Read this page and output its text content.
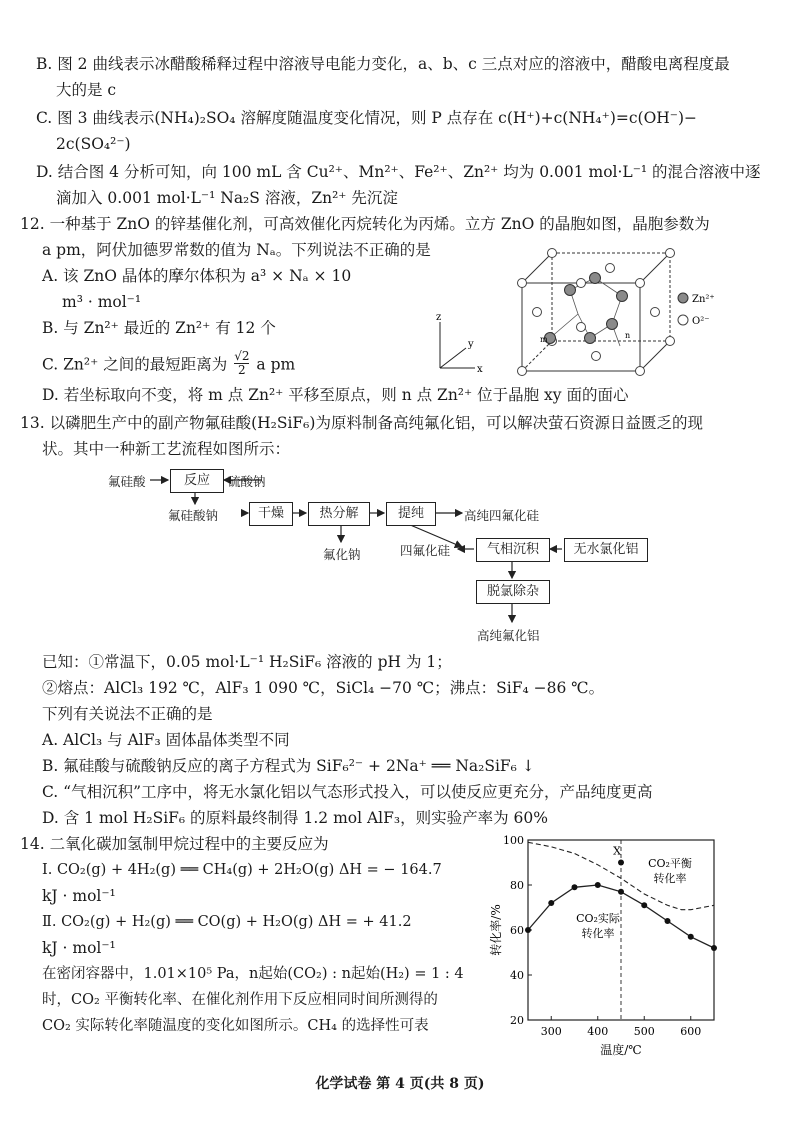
B. 图 2 曲线表示冰醋酸稀释过程中溶液导电能力变化，a、b、c 三点对应的溶液中，醋酸电离程度最
大的是 c
C. 图 3 曲线表示(NH₄)₂SO₄ 溶解度随温度变化情况，则 P 点存在 c(H⁺)+c(NH₄⁺)=c(OH⁻)−
2c(SO₄²⁻)
D. 结合图 4 分析可知，向 100 mL 含 Cu²⁺、Mn²⁺、Fe²⁺、Zn²⁺ 均为 0.001 mol·L⁻¹ 的混合溶液中逐
滴加入 0.001 mol·L⁻¹ Na₂S 溶液，Zn²⁺ 先沉淀
12. 一种基于 ZnO 的锌基催化剂，可高效催化丙烷转化为丙烯。立方 ZnO 的晶胞如图，晶胞参数为
a pm，阿伏加德罗常数的值为 Nₐ。下列说法不正确的是
A. 该 ZnO 晶体的摩尔体积为 a³ × Nₐ × 10
m³ · mol⁻¹
B. 与 Zn²⁺ 最近的 Zn²⁺ 有 12 个
C. Zn²⁺ 之间的最短距离为 $\frac{√2}{2}$ a pm
D. 若坐标取向不变，将 m 点 Zn²⁺ 平移至原点，则 n 点 Zn²⁺ 位于晶胞 xy 面的面心
z
x
y	m	n
Zn²⁺
O²⁻
13. 以磷肥生产中的副产物氟硅酸(H₂SiF₆)为原料制备高纯氟化铝，可以解决萤石资源日益匮乏的现
状。其中一种新工艺流程如图所示：
氟硅酸	反应	硫酸钠
氟硅酸钠	干燥	热分解	提纯	高纯四氟化硅
氟化钠	四氟化硅	气相沉积	无水氯化铝
脱氯除杂
高纯氟化铝
已知：①常温下，0.05 mol·L⁻¹ H₂SiF₆ 溶液的 pH 为 1；
②熔点：AlCl₃ 192 ℃，AlF₃ 1 090 ℃，SiCl₄ −70 ℃；沸点：SiF₄ −86 ℃。
下列有关说法不正确的是
A. AlCl₃ 与 AlF₃ 固体晶体类型不同
B. 氟硅酸与硫酸钠反应的离子方程式为 SiF₆²⁻ + 2Na⁺ ══ Na₂SiF₆ ↓
C. “气相沉积”工序中，将无水氯化铝以气态形式投入，可以使反应更充分，产品纯度更高
D. 含 1 mol H₂SiF₆ 的原料最终制得 1.2 mol AlF₃，则实验产率为 60%
14. 二氧化碳加氢制甲烷过程中的主要反应为
Ⅰ. CO₂(g) + 4H₂(g) ══ CH₄(g) + 2H₂O(g) ΔH = − 164.7
kJ · mol⁻¹
Ⅱ. CO₂(g) + H₂(g) ══ CO(g) + H₂O(g) ΔH = + 41.2
kJ · mol⁻¹
在密闭容器中，1.01×10⁵ Pa，n起始(CO₂) : n起始(H₂) = 1 : 4
时，CO₂ 平衡转化率、在催化剂作用下反应相同时间所测得的
CO₂ 实际转化率随温度的变化如图所示。CH₄ 的选择性可表	20
40
60
80
100
300 400 500 600
转化率/%
温度/℃
X
CO₂平衡
转化率
CO₂实际
转化率
化学试卷 第 4 页(共 8 页)
